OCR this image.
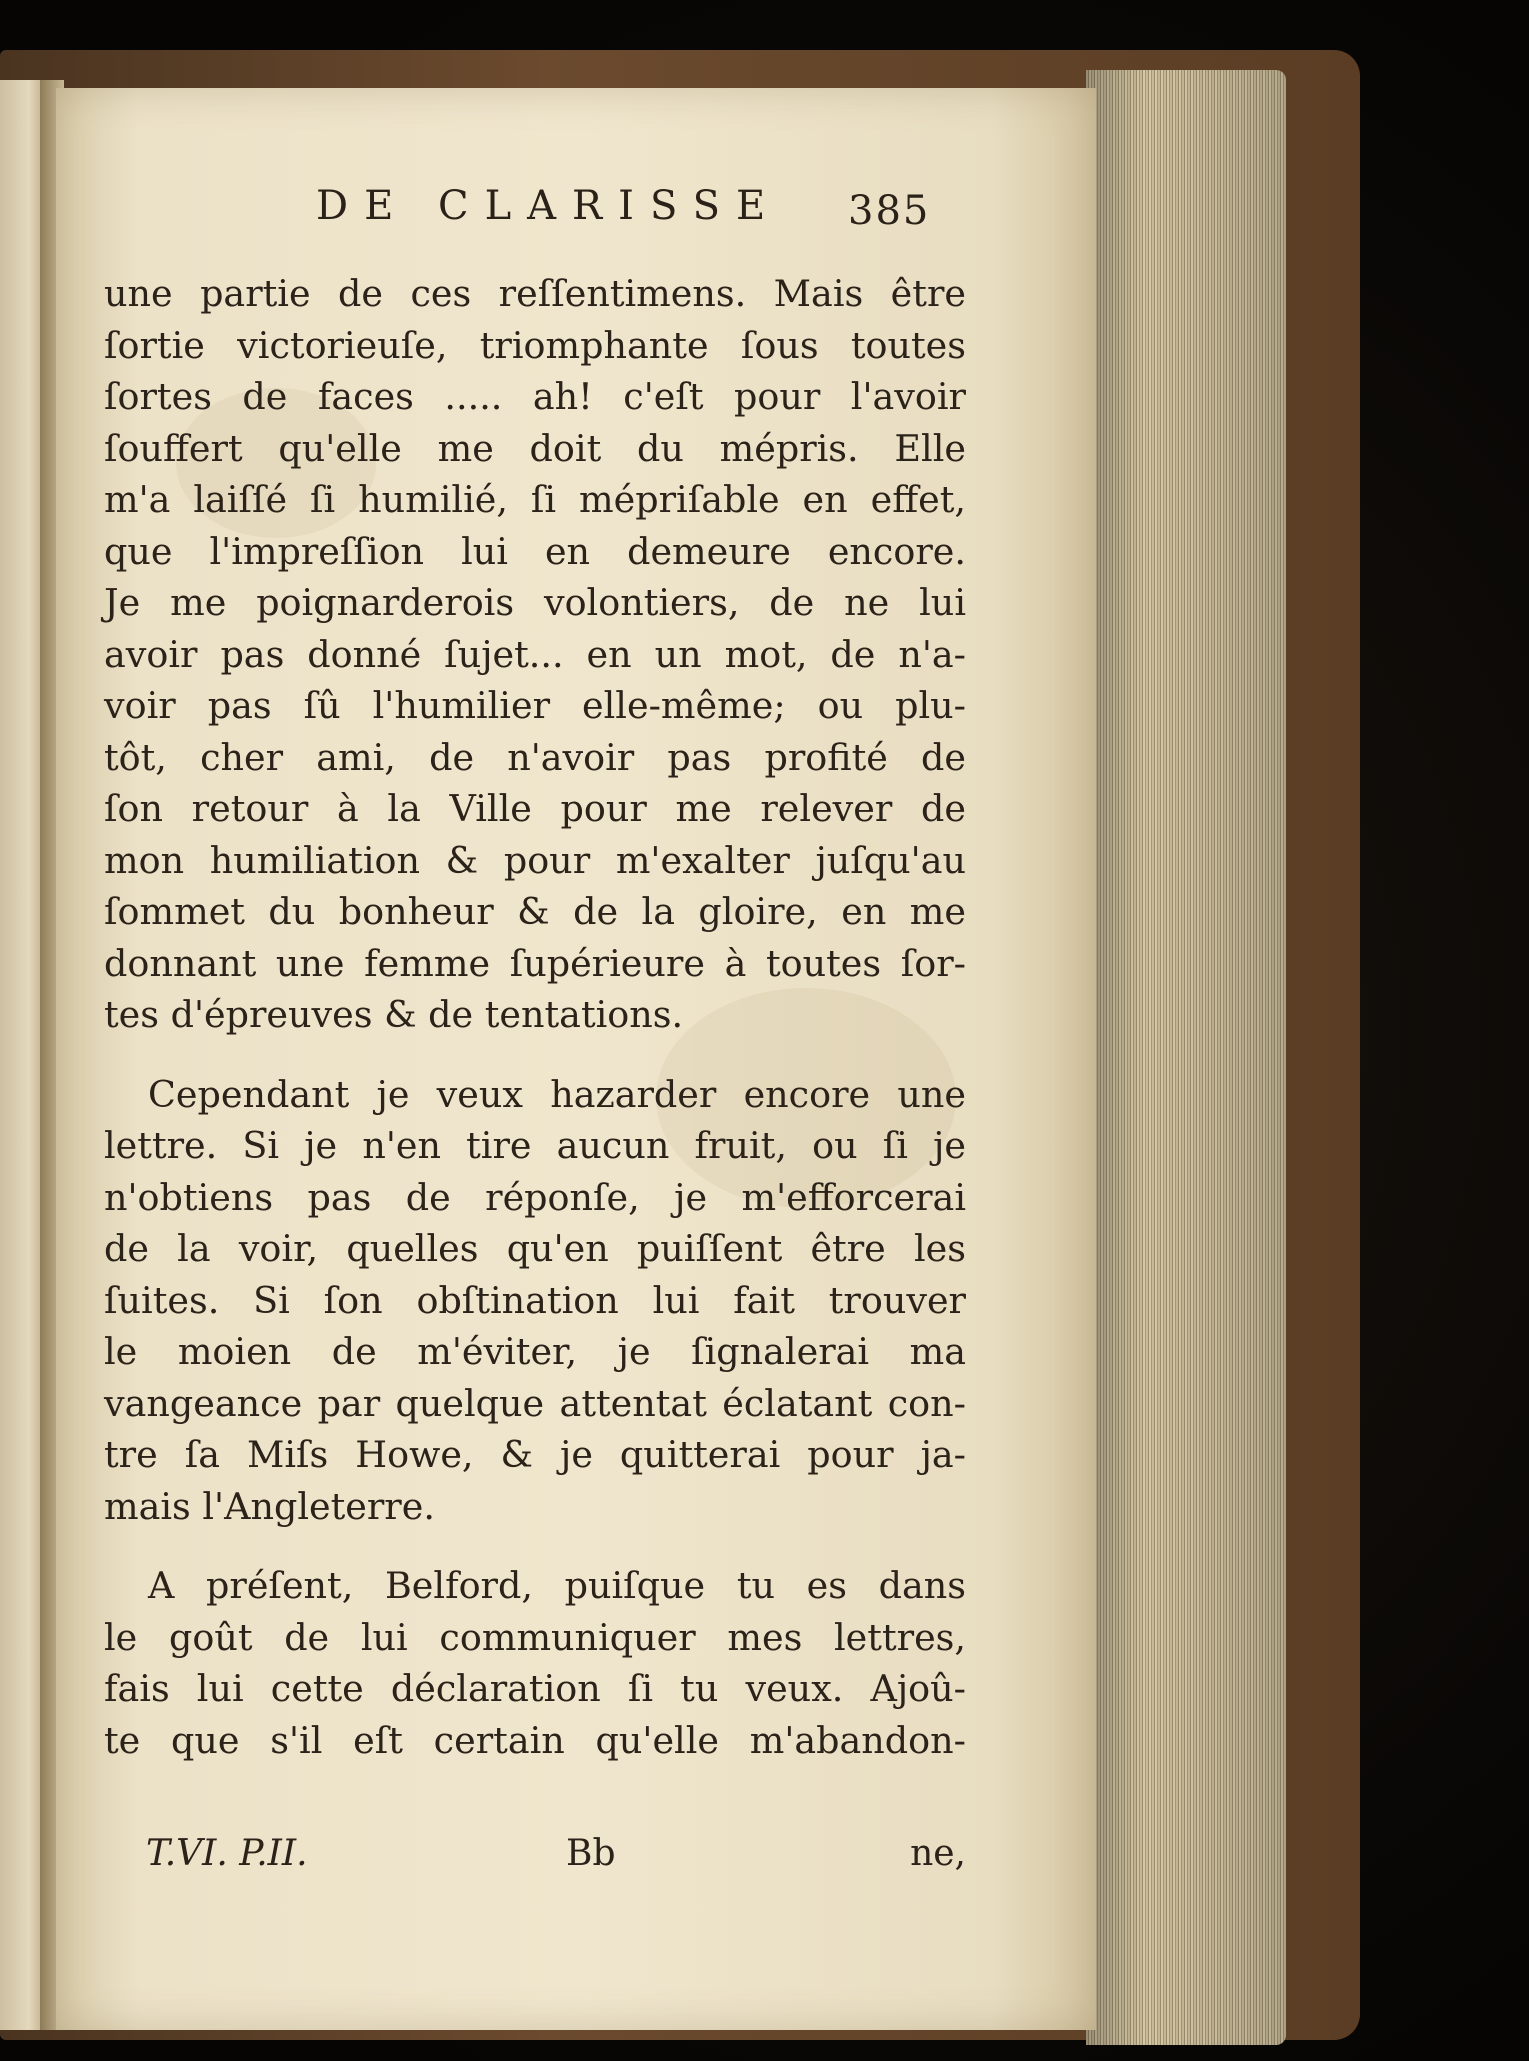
DE CLARISSE	385
une partie de ces reſſentimens. Mais être
ſortie victorieuſe, triomphante ſous toutes
ſortes de faces ..... ah! c'eſt pour l'avoir
ſouffert qu'elle me doit du mépris. Elle
m'a laiſſé ſi humilié, ſi mépriſable en effet,
que l'impreſſion lui en demeure encore.
Je me poignarderois volontiers, de ne lui
avoir pas donné ſujet... en un mot, de n'a-
voir pas ſû l'humilier elle-même; ou plu-
tôt, cher ami, de n'avoir pas profité de
ſon retour à la Ville pour me relever de
mon humiliation & pour m'exalter juſqu'au
ſommet du bonheur & de la gloire, en me
donnant une femme ſupérieure à toutes ſor-
tes d'épreuves & de tentations.
Cependant je veux hazarder encore une
lettre. Si je n'en tire aucun fruit, ou ſi je
n'obtiens pas de réponſe, je m'efforcerai
de la voir, quelles qu'en puiſſent être les
ſuites. Si ſon obſtination lui fait trouver
le moien de m'éviter, je ſignalerai ma
vangeance par quelque attentat éclatant con-
tre ſa Miſs Howe, & je quitterai pour ja-
mais l'Angleterre.
A préſent, Belford, puiſque tu es dans
le goût de lui communiquer mes lettres,
fais lui cette déclaration ſi tu veux. Ajoû-
te que s'il eſt certain qu'elle m'abandon-
T.VI. P.II.	Bb	ne,
